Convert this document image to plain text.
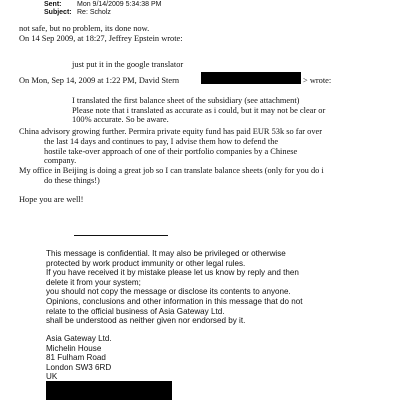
Sent: Mon 9/14/2009 5:34:38 PM
Subject: Re: Scholz
not safe, but no problem, its done now.
On 14 Sep 2009, at 18:27, Jeffrey Epstein wrote:
just put it in the google translator
On Mon, Sep 14, 2009 at 1:22 PM, David Stern	> wrote:
I translated the first balance sheet of the subsidiary (see attachment)
Please note that i translated as accurate as i could, but it may not be clear or
100% accurate. So be aware.
China advisory growing further. Permira private equity fund has paid EUR 53k so far over
the last 14 days and continues to pay, I advise them how to defend the
hostile take-over approach of one of their portfolio companies by a Chinese
company.
My office in Beijing is doing a great job so I can translate balance sheets (only for you do i
do these things!)
Hope you are well!
This message is confidential. It may also be privileged or otherwise
protected by work product immunity or other legal rules.
If you have received it by mistake please let us know by reply and then
delete it from your system;
you should not copy the message or disclose its contents to anyone.
Opinions, conclusions and other information in this message that do not
relate to the official business of Asia Gateway Ltd.
shall be understood as neither given nor endorsed by it.
Asia Gateway Ltd.
Michelin House
81 Fulham Road
London SW3 6RD
UK
